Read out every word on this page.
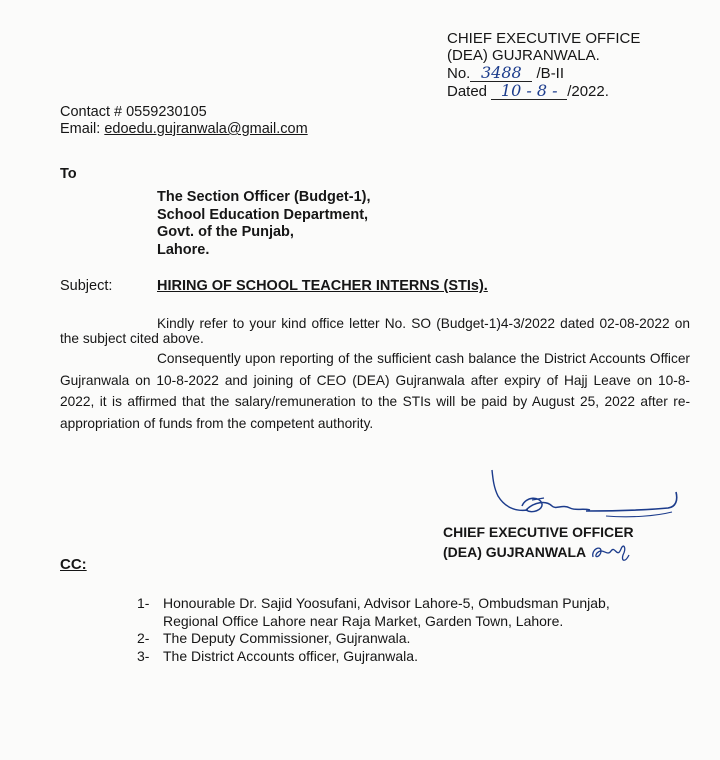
CHIEF EXECUTIVE OFFICE
(DEA) GUJRANWALA.
No. 3488 /B-II
Dated 10 - 8 - /2022.
Contact # 0559230105
Email: edoedu.gujranwala@gmail.com
To
The Section Officer (Budget-1),
School Education Department,
Govt. of the Punjab,
Lahore.
Subject:	HIRING OF SCHOOL TEACHER INTERNS (STIs).
Kindly refer to your kind office letter No. SO (Budget-1)4-3/2022 dated 02-08-2022 on the subject cited above.
Consequently upon reporting of the sufficient cash balance the District Accounts Officer Gujranwala on 10-8-2022 and joining of CEO (DEA) Gujranwala after expiry of Hajj Leave on 10-8-2022, it is affirmed that the salary/remuneration to the STIs will be paid by August 25, 2022 after re-appropriation of funds from the competent authority.
CHIEF EXECUTIVE OFFICER
(DEA) GUJRANWALA
CC:
1- Honourable Dr. Sajid Yoosufani, Advisor Lahore-5, Ombudsman Punjab, Regional Office Lahore near Raja Market, Garden Town, Lahore.
2- The Deputy Commissioner, Gujranwala.
3- The District Accounts officer, Gujranwala.
